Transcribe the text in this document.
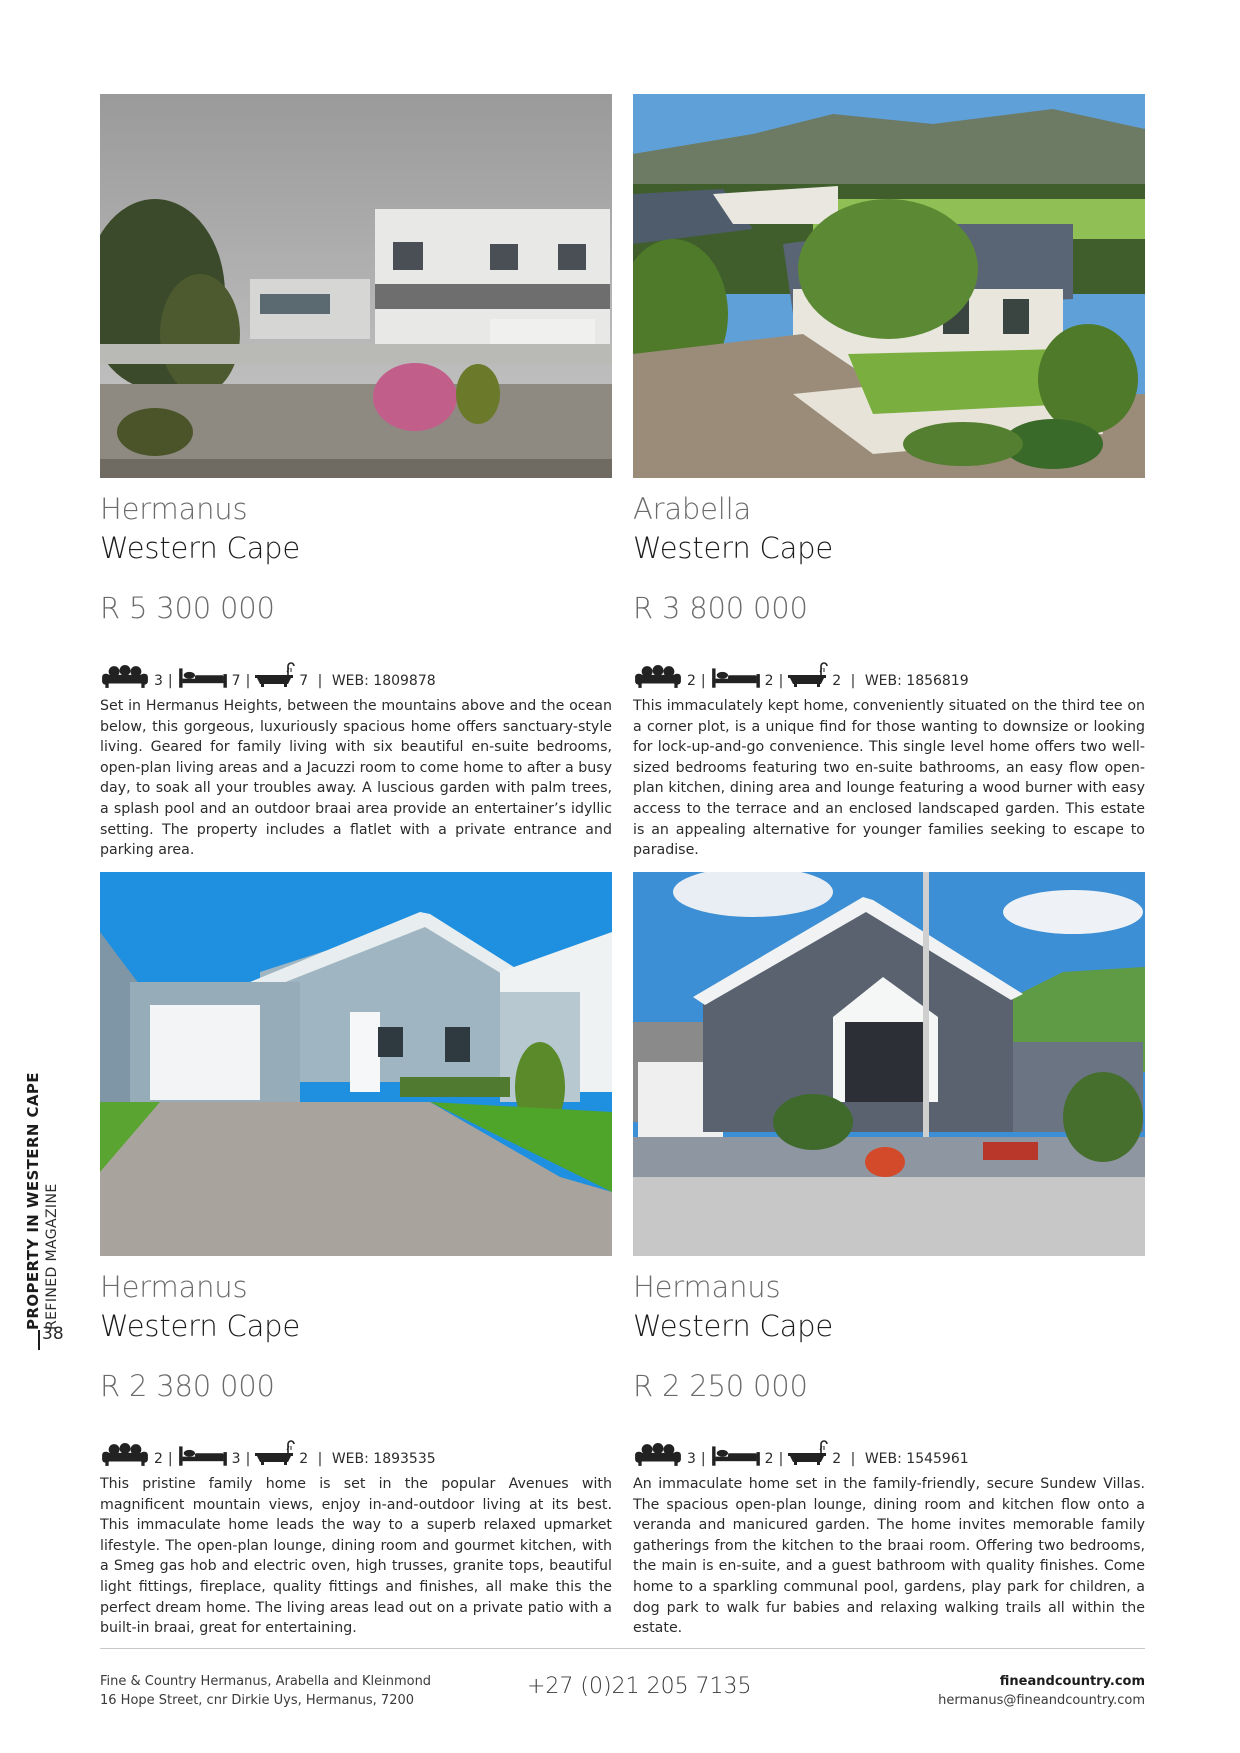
Hermanus
Western Cape
R 5 300 000
3 |	7 |	7 | WEB: 1809878

Set in Hermanus Heights, between the mountains above and the ocean below, this gorgeous, luxuriously spacious home offers sanctuary-style living. Geared for family living with six beautiful en-suite bedrooms, open-plan living areas and a Jacuzzi room to come home to after a busy day, to soak all your troubles away. A luscious garden with palm trees, a splash pool and an outdoor braai area provide an entertainer’s idyllic setting. The property includes a flatlet with a private entrance and parking area.

Arabella
Western Cape
R 3 800 000
2 |	2 |	2 | WEB: 1856819

This immaculately kept home, conveniently situated on the third tee on a corner plot, is a unique find for those wanting to downsize or looking for lock-up-and-go convenience. This single level home offers two well-sized bedrooms featuring two en-suite bathrooms, an easy flow open-plan kitchen, dining area and lounge featuring a wood burner with easy access to the terrace and an enclosed landscaped garden. This estate is an appealing alternative for younger families seeking to escape to paradise.

Hermanus
Western Cape
R 2 380 000
2 |	3 |	2 | WEB: 1893535

This pristine family home is set in the popular Avenues with magnificent mountain views, enjoy in-and-outdoor living at its best. This immaculate home leads the way to a superb relaxed upmarket lifestyle. The open-plan lounge, dining room and gourmet kitchen, with a Smeg gas hob and electric oven, high trusses, granite tops, beautiful light fittings, fireplace, quality fittings and finishes, all make this the perfect dream home. The living areas lead out on a private patio with a built-in braai, great for entertaining.

Hermanus
Western Cape
R 2 250 000
3 |	2 |	2 | WEB: 1545961

An immaculate home set in the family-friendly, secure Sundew Villas. The spacious open-plan lounge, dining room and kitchen flow onto a veranda and manicured garden. The home invites memorable family gatherings from the kitchen to the braai room. Offering two bedrooms, the main is en-suite, and a guest bathroom with quality finishes. Come home to a sparkling communal pool, gardens, play park for children, a dog park to walk fur babies and relaxing walking trails all within the estate.

PROPERTY IN WESTERN CAPE REFINED MAGAZINE
38
Fine & Country Hermanus, Arabella and Kleinmond
16 Hope Street, cnr Dirkie Uys, Hermanus, 7200
+27 (0)21 205 7135	fineandcountry.com
hermanus@fineandcountry.com
